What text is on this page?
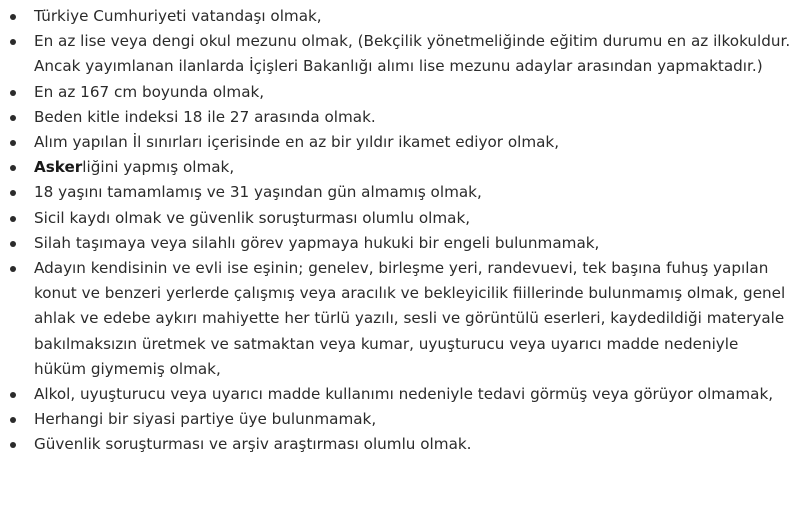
Türkiye Cumhuriyeti vatandaşı olmak,
En az lise veya dengi okul mezunu olmak, (Bekçilik yönetmeliğinde eğitim durumu en az ilkokuldur. Ancak yayımlanan ilanlarda İçişleri Bakanlığı alımı lise mezunu adaylar arasından yapmaktadır.)
En az 167 cm boyunda olmak,
Beden kitle indeksi 18 ile 27 arasında olmak.
Alım yapılan İl sınırları içerisinde en az bir yıldır ikamet ediyor olmak,
Askerliğini yapmış olmak,
18 yaşını tamamlamış ve 31 yaşından gün almamış olmak,
Sicil kaydı olmak ve güvenlik soruşturması olumlu olmak,
Silah taşımaya veya silahlı görev yapmaya hukuki bir engeli bulunmamak,
Adayın kendisinin ve evli ise eşinin; genelev, birleşme yeri, randevuevi, tek başına fuhuş yapılan konut ve benzeri yerlerde çalışmış veya aracılık ve bekleyicilik fiillerinde bulunmamış olmak, genel ahlak ve edebe aykırı mahiyette her türlü yazılı, sesli ve görüntülü eserleri, kaydedildiği materyale bakılmaksızın üretmek ve satmaktan veya kumar, uyuşturucu veya uyarıcı madde nedeniyle hüküm giymemiş olmak,
Alkol, uyuşturucu veya uyarıcı madde kullanımı nedeniyle tedavi görmüş veya görüyor olmamak,
Herhangi bir siyasi partiye üye bulunmamak,
Güvenlik soruşturması ve arşiv araştırması olumlu olmak.
